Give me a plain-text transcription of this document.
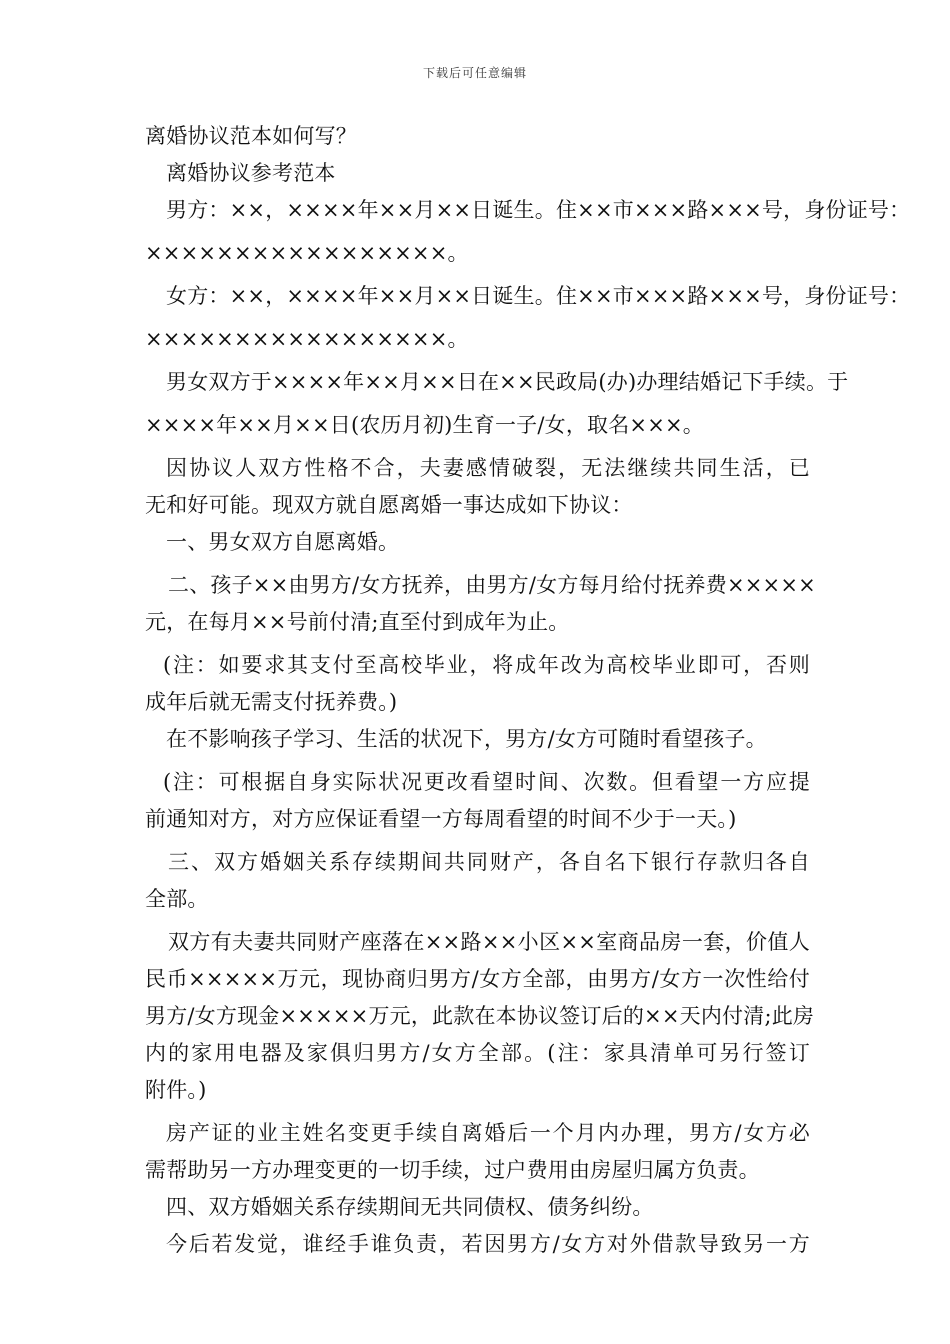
下载后可任意编辑
离婚协议范本如何写？
离婚协议参考范本
男方：××，××××年××月××日诞生。住××市×××路×××号，身份证号：
×××××××××××××××××。
女方：××，××××年××月××日诞生。住××市×××路×××号，身份证号：
×××××××××××××××××。
男女双方于××××年××月××日在××民政局(办)办理结婚记下手续。于
××××年××月××日(农历月初)生育一子/女，取名×××。
因协议人双方性格不合，夫妻感情破裂，无法继续共同生活，已
无和好可能。现双方就自愿离婚一事达成如下协议：
一、男女双方自愿离婚。
二、孩子××由男方/女方抚养，由男方/女方每月给付抚养费×××××
元，在每月××号前付清;直至付到成年为止。
(注：如要求其支付至高校毕业，将成年改为高校毕业即可，否则
成年后就无需支付抚养费。)
在不影响孩子学习、生活的状况下，男方/女方可随时看望孩子。
(注：可根据自身实际状况更改看望时间、次数。但看望一方应提
前通知对方，对方应保证看望一方每周看望的时间不少于一天。)
三、双方婚姻关系存续期间共同财产，各自名下银行存款归各自
全部。
双方有夫妻共同财产座落在××路××小区××室商品房一套，价值人
民币×××××万元，现协商归男方/女方全部，由男方/女方一次性给付
男方/女方现金×××××万元，此款在本协议签订后的××天内付清;此房
内的家用电器及家俱归男方/女方全部。(注：家具清单可另行签订
附件。)
房产证的业主姓名变更手续自离婚后一个月内办理，男方/女方必
需帮助另一方办理变更的一切手续，过户费用由房屋归属方负责。
四、双方婚姻关系存续期间无共同债权、债务纠纷。
今后若发觉，谁经手谁负责，若因男方/女方对外借款导致另一方
